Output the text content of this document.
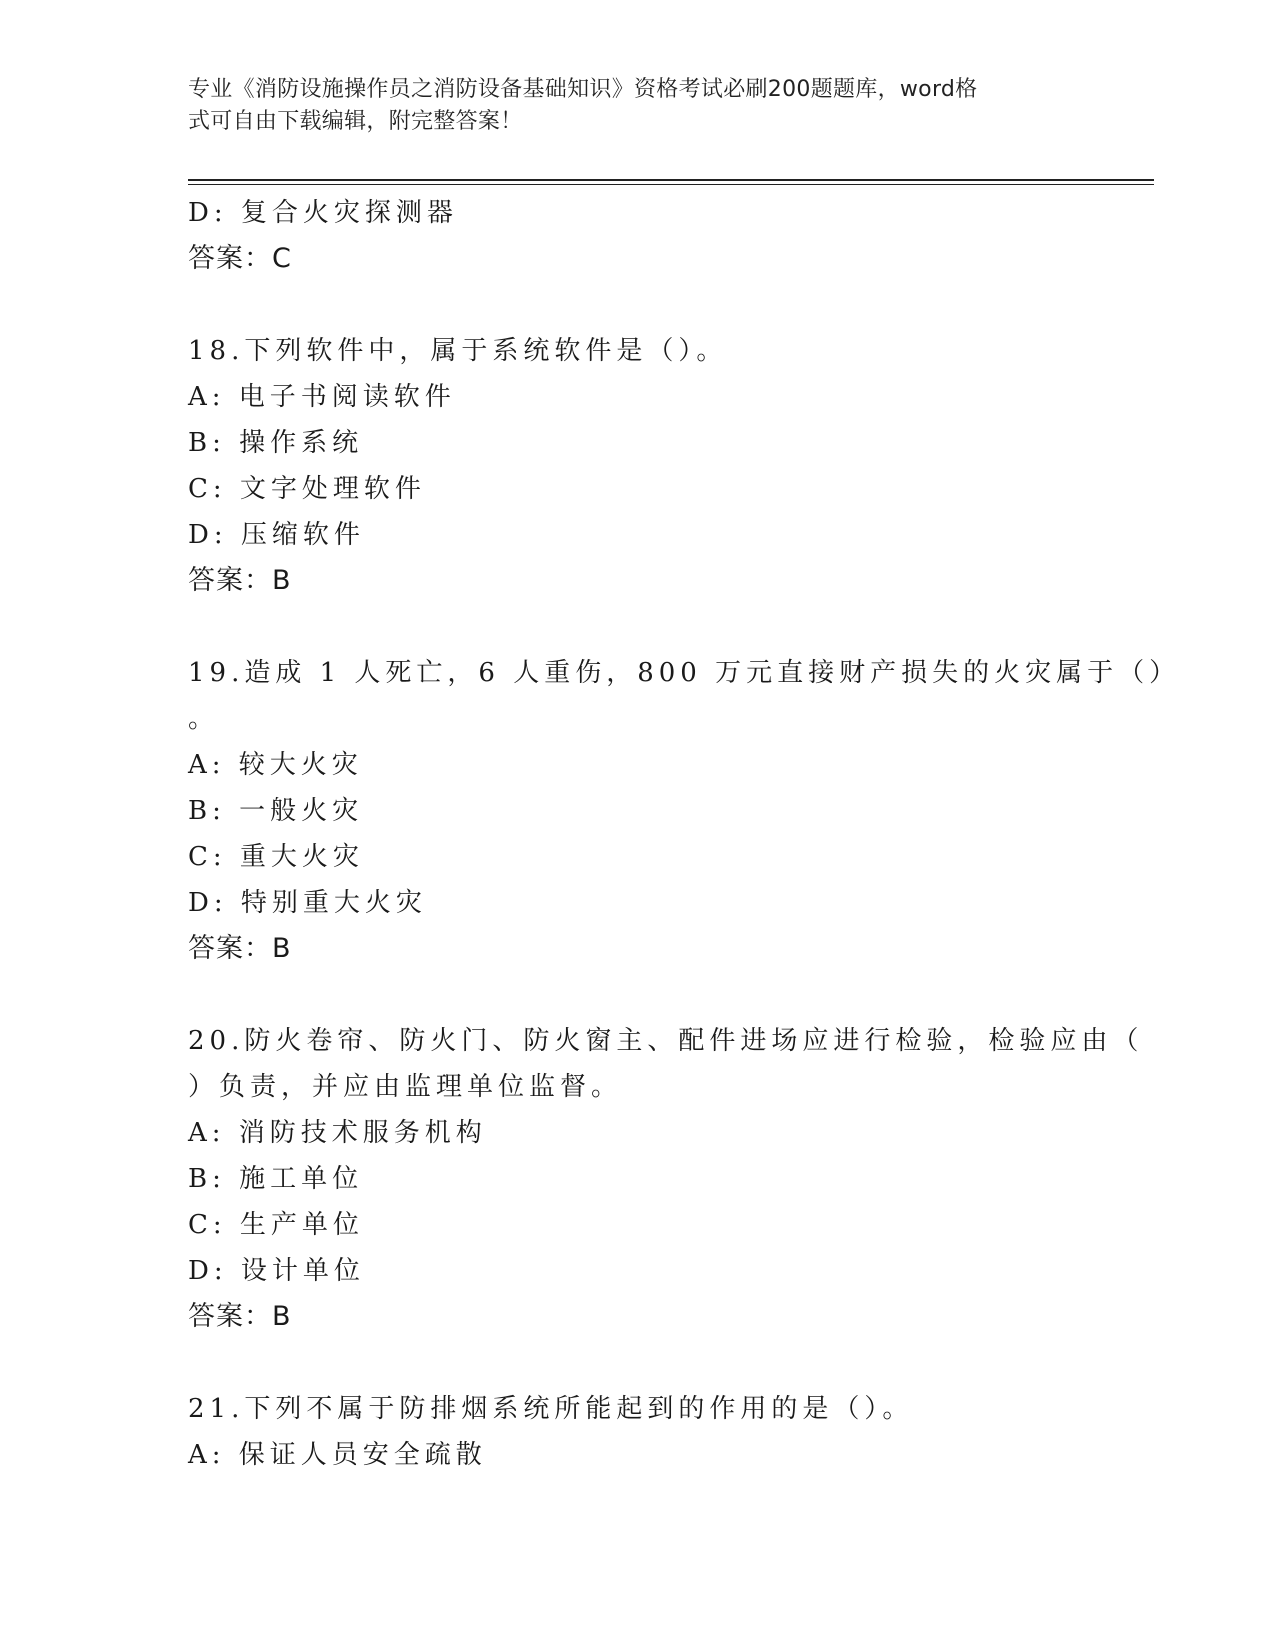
专业《消防设施操作员之消防设备基础知识》资格考试必刷200题题库，word格
式可自由下载编辑，附完整答案！
D: 复合火灾探测器
答案：C
18.下列软件中，属于系统软件是（）。
A: 电子书阅读软件
B: 操作系统
C: 文字处理软件
D: 压缩软件
答案：B
19.造成 1 人死亡，6 人重伤，800 万元直接财产损失的火灾属于（）
。
A: 较大火灾
B: 一般火灾
C: 重大火灾
D: 特别重大火灾
答案：B
20.防火卷帘、防火门、防火窗主、配件进场应进行检验，检验应由（
）负责，并应由监理单位监督。
A: 消防技术服务机构
B: 施工单位
C: 生产单位
D: 设计单位
答案：B
21.下列不属于防排烟系统所能起到的作用的是（）。
A: 保证人员安全疏散
